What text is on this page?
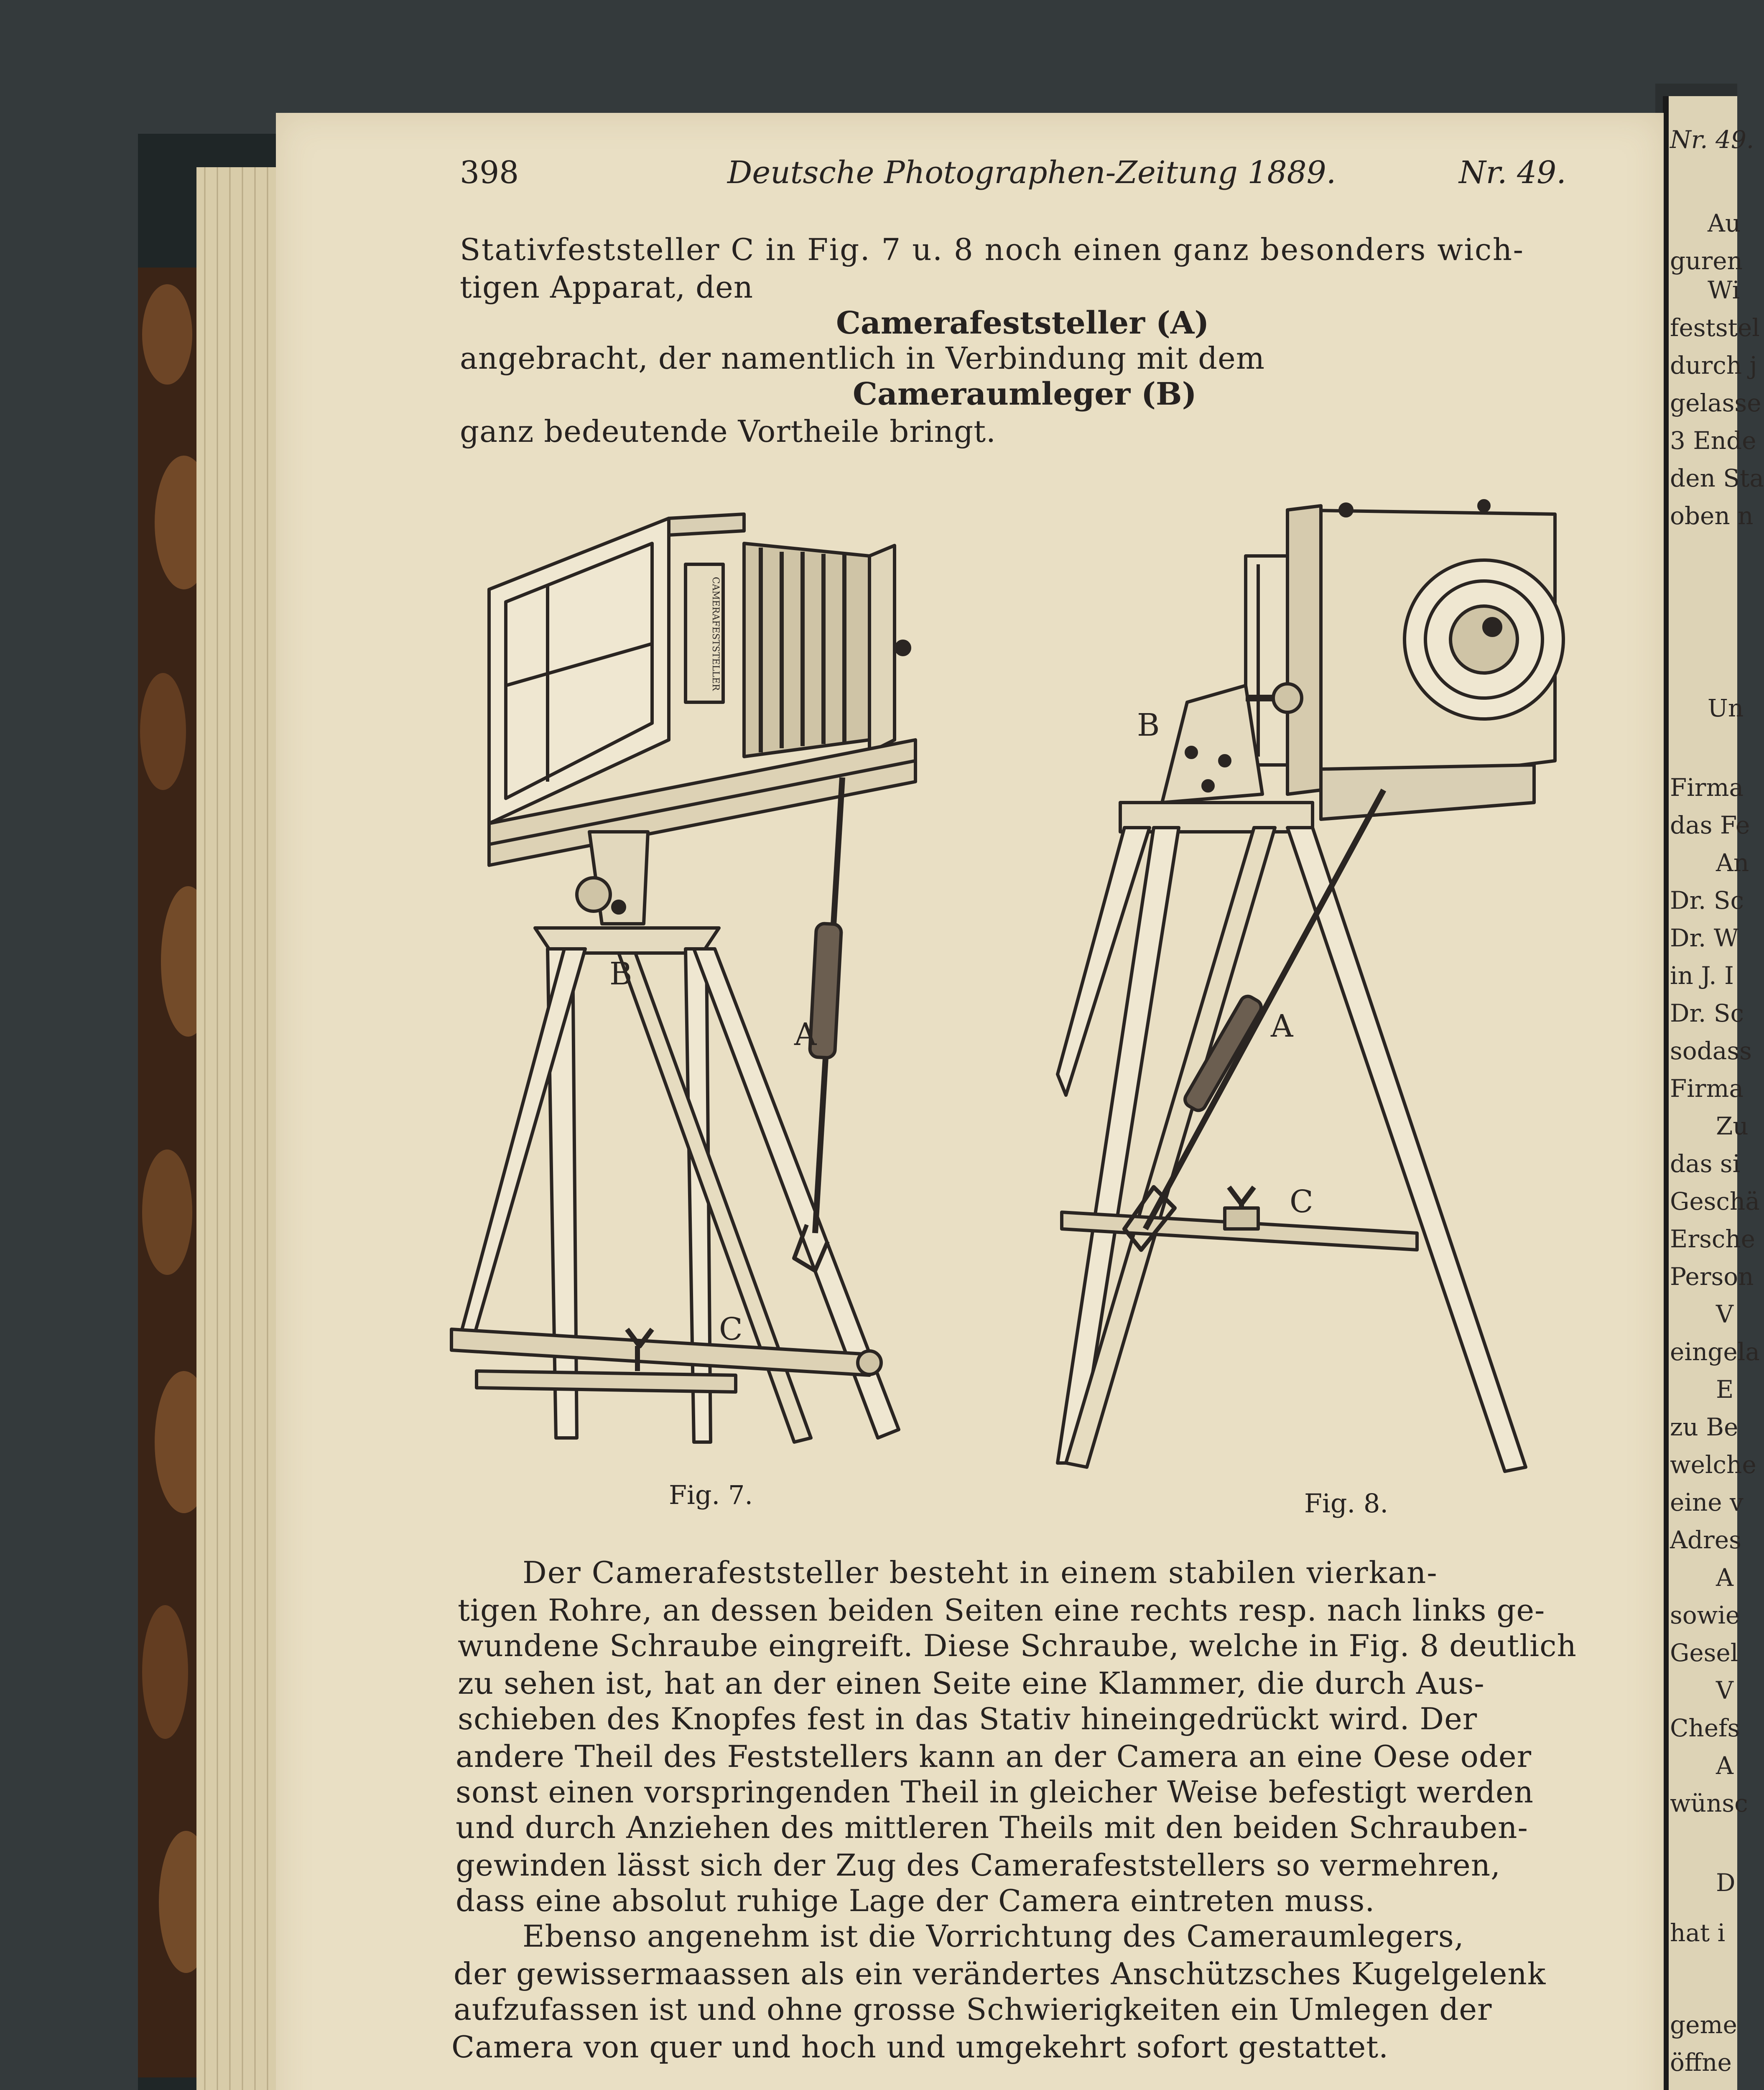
398	Deutsche Photographen-Zeitung 1889.	Nr. 49.
Stativfeststeller C in Fig. 7 u. 8 noch einen ganz besonders wich-
tigen Apparat, den
Camerafeststeller (A)
angebracht, der namentlich in Verbindung mit dem
Cameraumleger (B)
ganz bedeutende Vortheile bringt.
B
A
C
CAMERAFESTSTELLER
Fig. 7.
B
A
C
Fig. 8.
Der Camerafeststeller besteht in einem stabilen vierkan-
tigen Rohre, an dessen beiden Seiten eine rechts resp. nach links ge-
wundene Schraube eingreift. Diese Schraube, welche in Fig. 8 deutlich
zu sehen ist, hat an der einen Seite eine Klammer, die durch Aus-
schieben des Knopfes fest in das Stativ hineingedrückt wird. Der
andere Theil des Feststellers kann an der Camera an eine Oese oder
sonst einen vorspringenden Theil in gleicher Weise befestigt werden
und durch Anziehen des mittleren Theils mit den beiden Schrauben-
gewinden lässt sich der Zug des Camerafeststellers so vermehren,
dass eine absolut ruhige Lage der Camera eintreten muss.
Ebenso angenehm ist die Vorrichtung des Cameraumlegers,
der gewissermaassen als ein verändertes Anschützsches Kugelgelenk
aufzufassen ist und ohne grosse Schwierigkeiten ein Umlegen der
Camera von quer und hoch und umgekehrt sofort gestattet.
Nr. 49.
Au
guren
Wi
feststel
durch j
gelasse
3 Ende
den Sta
oben n
Un
Firma
das Fe
An
Dr. Sc
Dr. W
in J. I
Dr. Sc
sodass
Firma
Zu
das si
Geschä
Ersche
Person
V
eingela
E
zu Be
welche
eine v
Adres
A
sowie
Gesel
V
Chefs
A
wünsc
D
hat i
geme
öffne
